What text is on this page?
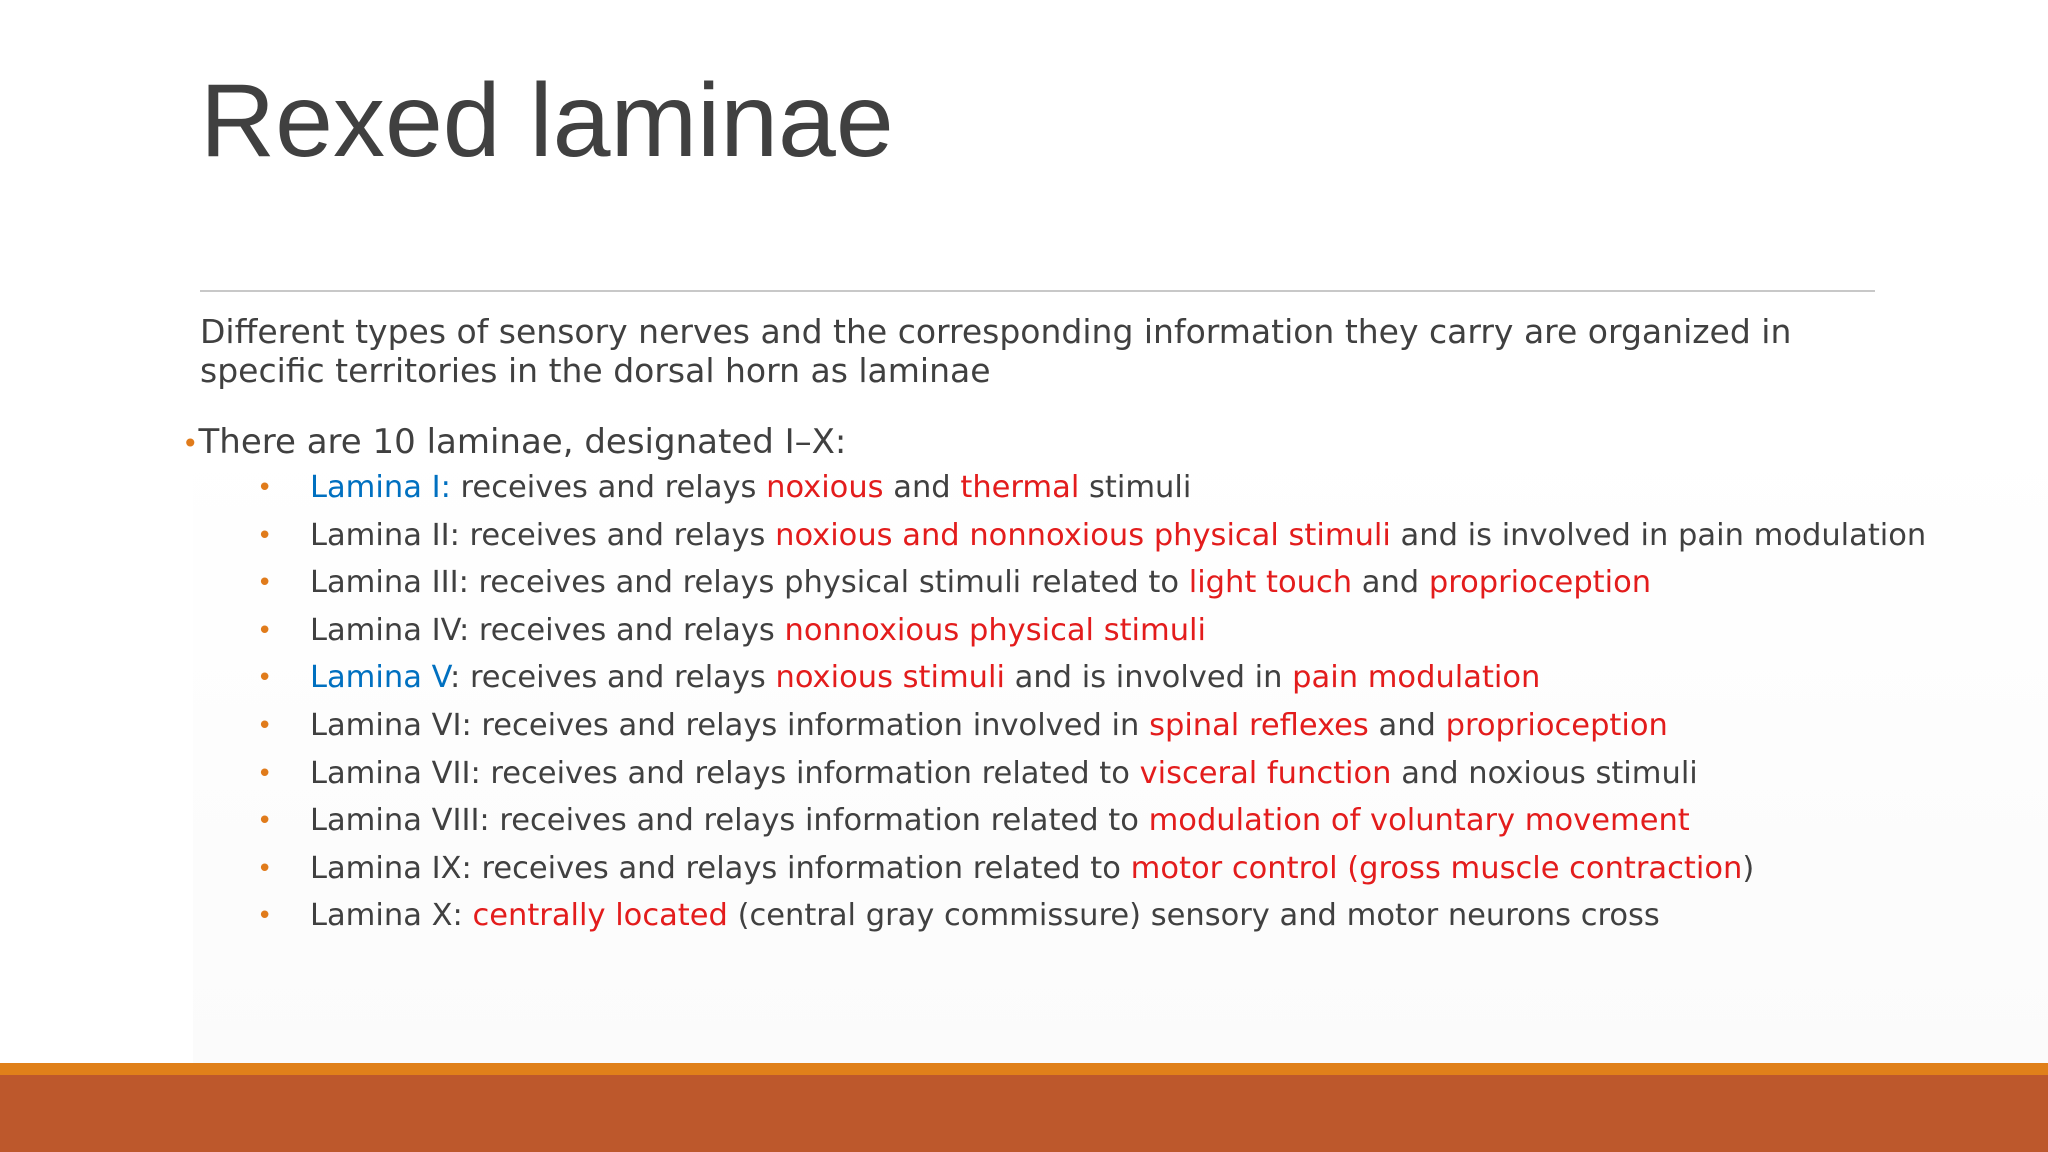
Rexed laminae

Different types of sensory nerves and the corresponding information they carry are organized in specific territories in the dorsal horn as laminae

•There are 10 laminae, designated I–X:

• Lamina I: receives and relays noxious and thermal stimuli
• Lamina II: receives and relays noxious and nonnoxious physical stimuli and is involved in pain modulation
• Lamina III: receives and relays physical stimuli related to light touch and proprioception
• Lamina IV: receives and relays nonnoxious physical stimuli
• Lamina V: receives and relays noxious stimuli and is involved in pain modulation
• Lamina VI: receives and relays information involved in spinal reflexes and proprioception
• Lamina VII: receives and relays information related to visceral function and noxious stimuli
• Lamina VIII: receives and relays information related to modulation of voluntary movement
• Lamina IX: receives and relays information related to motor control (gross muscle contraction)
• Lamina X: centrally located (central gray commissure) sensory and motor neurons cross
